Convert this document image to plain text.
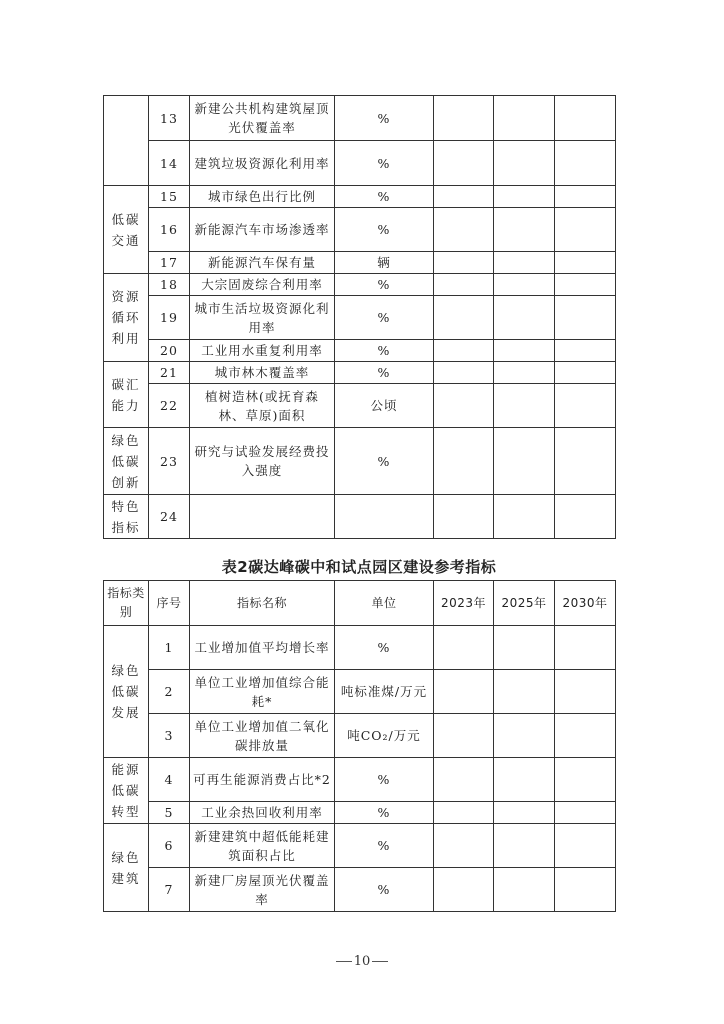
	13	新建公共机构建筑屋顶光伏覆盖率	%			
	14	建筑垃圾资源化利用率	%			
低碳交通	15	城市绿色出行比例	%			
	16	新能源汽车市场渗透率	%			
	17	新能源汽车保有量	辆			
资源循环利用	18	大宗固废综合利用率	%			
	19	城市生活垃圾资源化利用率	%			
	20	工业用水重复利用率	%			
碳汇能力	21	城市林木覆盖率	%			
	22	植树造林(或抚育森林、草原)面积	公顷			
绿色低碳创新	23	研究与试验发展经费投入强度	%			
特色指标	24					
表2碳达峰碳中和试点园区建设参考指标
指标类别	序号	指标名称	单位	2023年	2025年	2030年
绿色低碳发展	1	工业增加值平均增长率	%			
	2	单位工业增加值综合能耗*	吨标准煤/万元			
	3	单位工业增加值二氧化碳排放量	吨CO₂/万元			
能源低碳转型	4	可再生能源消费占比*2	%			
	5	工业余热回收利用率	%			
绿色建筑	6	新建建筑中超低能耗建筑面积占比	%			
	7	新建厂房屋顶光伏覆盖率	%			
10
